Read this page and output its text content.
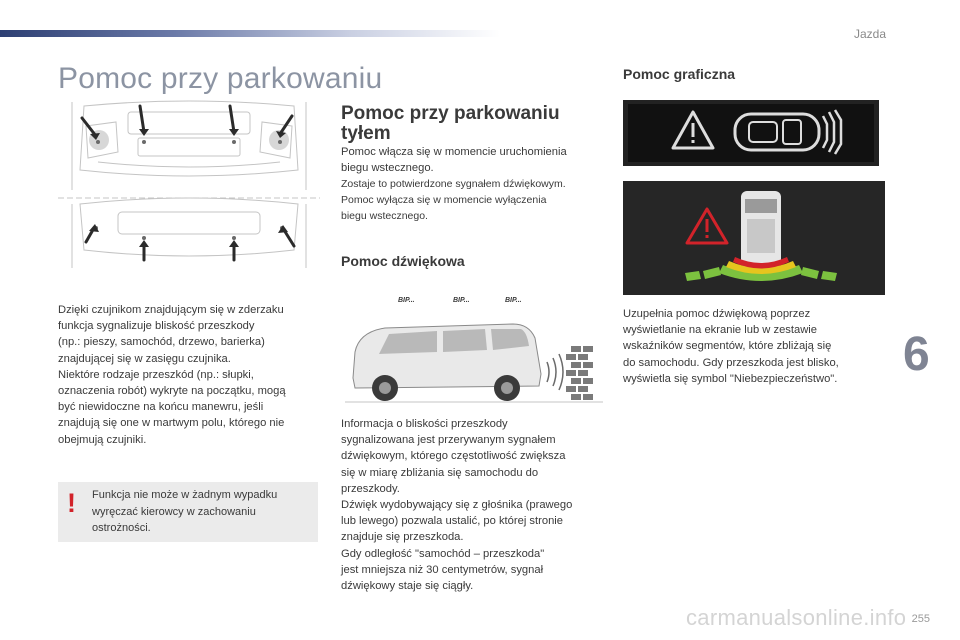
Jazda
Pomoc przy parkowaniu
Dzięki czujnikom znajdującym się w zderzaku
funkcja sygnalizuje bliskość przeszkody
(np.: pieszy, samochód, drzewo, barierka)
znajdującej się w zasięgu czujnika.
Niektóre rodzaje przeszkód (np.: słupki,
oznaczenia robót) wykryte na początku, mogą
być niewidoczne na końcu manewru, jeśli
znajdują się one w martwym polu, którego nie
obejmują czujniki.
! Funkcja nie może w żadnym wypadku
wyręczać kierowcy w zachowaniu
ostrożności.
Pomoc przy parkowaniu
tyłem
Pomoc włącza się w momencie uruchomienia
biegu wstecznego.
Zostaje to potwierdzone sygnałem dźwiękowym.
Pomoc wyłącza się w momencie wyłączenia
biegu wstecznego.
Pomoc dźwiękowa
BIP...	BIP...	BIP...
Informacja o bliskości przeszkody
sygnalizowana jest przerywanym sygnałem
dźwiękowym, którego częstotliwość zwiększa
się w miarę zbliżania się samochodu do
przeszkody.
Dźwięk wydobywający się z głośnika (prawego
lub lewego) pozwala ustalić, po której stronie
znajduje się przeszkoda.
Gdy odległość "samochód – przeszkoda"
jest mniejsza niż 30 centymetrów, sygnał
dźwiękowy staje się ciągły.
Pomoc graficzna
Uzupełnia pomoc dźwiękową poprzez
wyświetlanie na ekranie lub w zestawie
wskaźników segmentów, które zbliżają się
do samochodu. Gdy przeszkoda jest blisko,
wyświetla się symbol "Niebezpieczeństwo".	6
carmanualsonline.info 255
